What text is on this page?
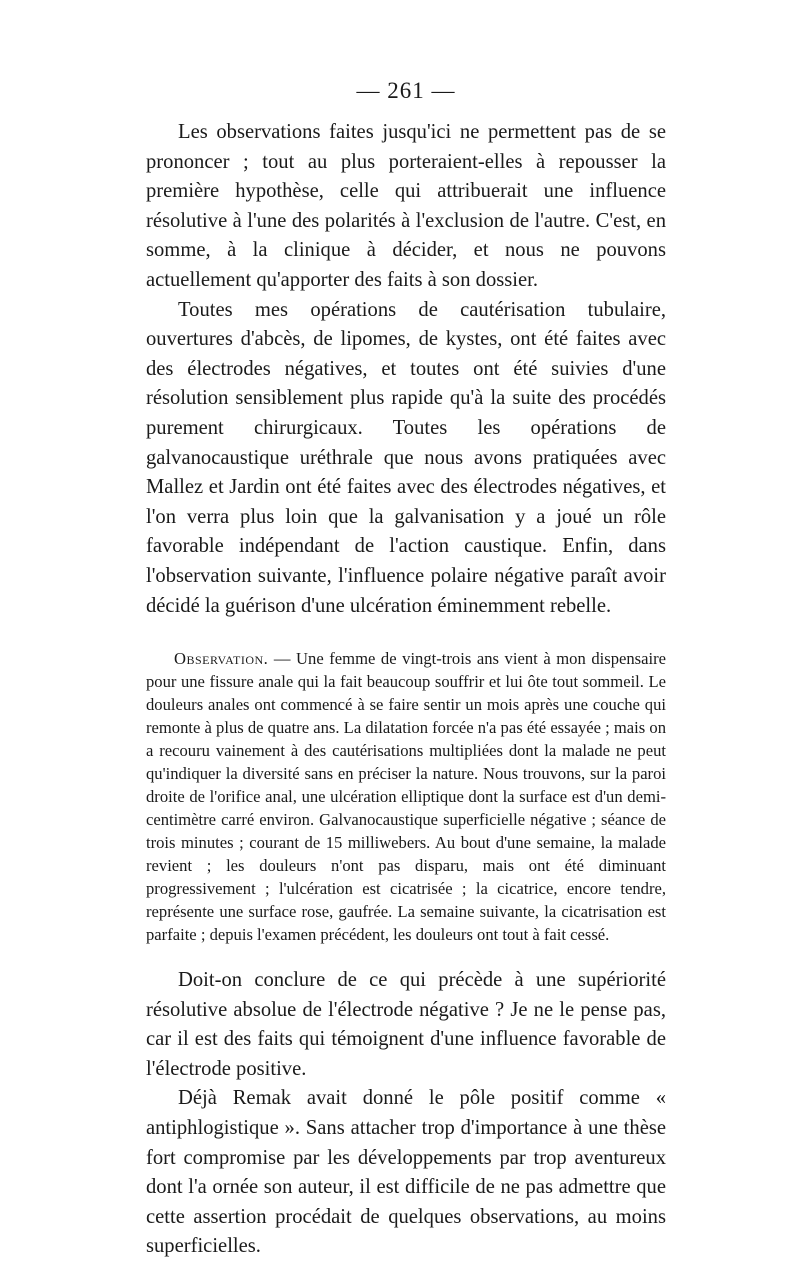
— 261 —

Les observations faites jusqu'ici ne permettent pas de se prononcer ; tout au plus porteraient-elles à repousser la première hypothèse, celle qui attribuerait une influence résolutive à l'une des polarités à l'exclusion de l'autre. C'est, en somme, à la clinique à décider, et nous ne pouvons actuellement qu'apporter des faits à son dossier.

Toutes mes opérations de cautérisation tubulaire, ouvertures d'abcès, de lipomes, de kystes, ont été faites avec des électrodes négatives, et toutes ont été suivies d'une résolution sensiblement plus rapide qu'à la suite des procédés purement chirurgicaux. Toutes les opérations de galvanocaustique uréthrale que nous avons pratiquées avec Mallez et Jardin ont été faites avec des électrodes négatives, et l'on verra plus loin que la galvanisation y a joué un rôle favorable indépendant de l'action caustique. Enfin, dans l'observation suivante, l'influence polaire négative paraît avoir décidé la guérison d'une ulcération éminemment rebelle.

Observation. — Une femme de vingt-trois ans vient à mon dispensaire pour une fissure anale qui la fait beaucoup souffrir et lui ôte tout sommeil. Le douleurs anales ont commencé à se faire sentir un mois après une couche qui remonte à plus de quatre ans. La dilatation forcée n'a pas été essayée ; mais on a recouru vainement à des cautérisations multipliées dont la malade ne peut qu'indiquer la diversité sans en préciser la nature. Nous trouvons, sur la paroi droite de l'orifice anal, une ulcération elliptique dont la surface est d'un demi-centimètre carré environ. Galvanocaustique superficielle négative ; séance de trois minutes ; courant de 15 milliwebers. Au bout d'une semaine, la malade revient ; les douleurs n'ont pas disparu, mais ont été diminuant progressivement ; l'ulcération est cicatrisée ; la cicatrice, encore tendre, représente une surface rose, gaufrée. La semaine suivante, la cicatrisation est parfaite ; depuis l'examen précédent, les douleurs ont tout à fait cessé.

Doit-on conclure de ce qui précède à une supériorité résolutive absolue de l'électrode négative ? Je ne le pense pas, car il est des faits qui témoignent d'une influence favorable de l'électrode positive.

Déjà Remak avait donné le pôle positif comme « antiphlogistique ». Sans attacher trop d'importance à une thèse fort compromise par les développements par trop aventureux dont l'a ornée son auteur, il est difficile de ne pas admettre que cette assertion procédait de quelques observations, au moins superficielles.
